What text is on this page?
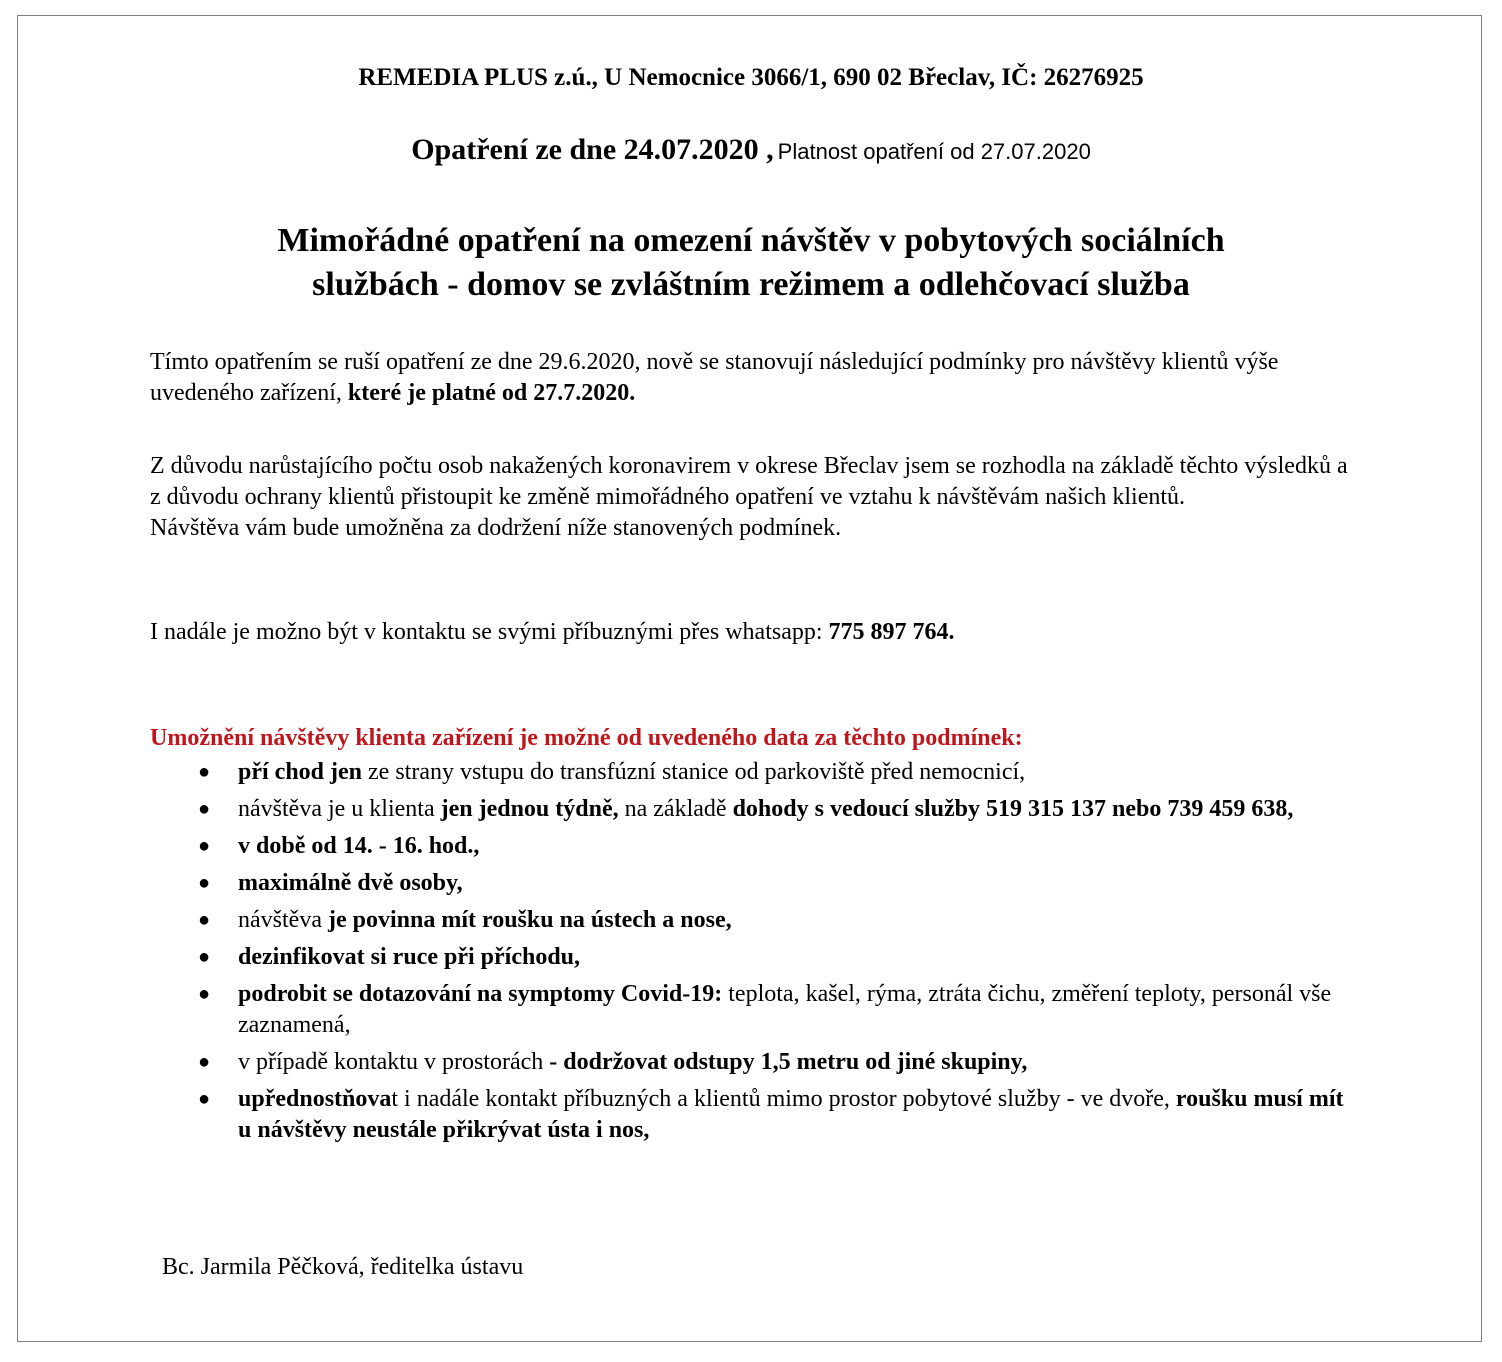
REMEDIA PLUS z.ú., U Nemocnice 3066/1, 690 02 Břeclav, IČ: 26276925
Opatření ze dne 24.07.2020 , Platnost opatření od 27.07.2020
Mimořádné opatření na omezení návštěv v pobytových sociálních
službách - domov se zvláštním režimem a odlehčovací služba
Tímto opatřením se ruší opatření ze dne 29.6.2020, nově se stanovují následující podmínky pro návštěvy klientů výše uvedeného zařízení, které je platné od 27.7.2020.
Z důvodu narůstajícího počtu osob nakažených koronavirem v okrese Břeclav jsem se rozhodla na základě těchto výsledků a z důvodu ochrany klientů přistoupit ke změně mimořádného opatření ve vztahu k návštěvám našich klientů.
Návštěva vám bude umožněna za dodržení níže stanovených podmínek.
I nadále je možno být v kontaktu se svými příbuznými přes whatsapp: 775 897 764.
Umožnění návštěvy klienta zařízení je možné od uvedeného data za těchto podmínek:
● pří chod jen ze strany vstupu do transfúzní stanice od parkoviště před nemocnicí,
● návštěva je u klienta jen jednou týdně, na základě dohody s vedoucí služby 519 315 137 nebo 739 459 638,
● v době od 14. - 16. hod.,
● maximálně dvě osoby,
● návštěva je povinna mít roušku na ústech a nose,
● dezinfikovat si ruce při příchodu,
● podrobit se dotazování na symptomy Covid-19: teplota, kašel, rýma, ztráta čichu, změření teploty, personál vše zaznamená,
● v případě kontaktu v prostorách - dodržovat odstupy 1,5 metru od jiné skupiny,
● upřednostňovat i nadále kontakt příbuzných a klientů mimo prostor pobytové služby - ve dvoře, roušku musí mít u návštěvy neustále přikrývat ústa i nos,
Bc. Jarmila Pěčková, ředitelka ústavu
